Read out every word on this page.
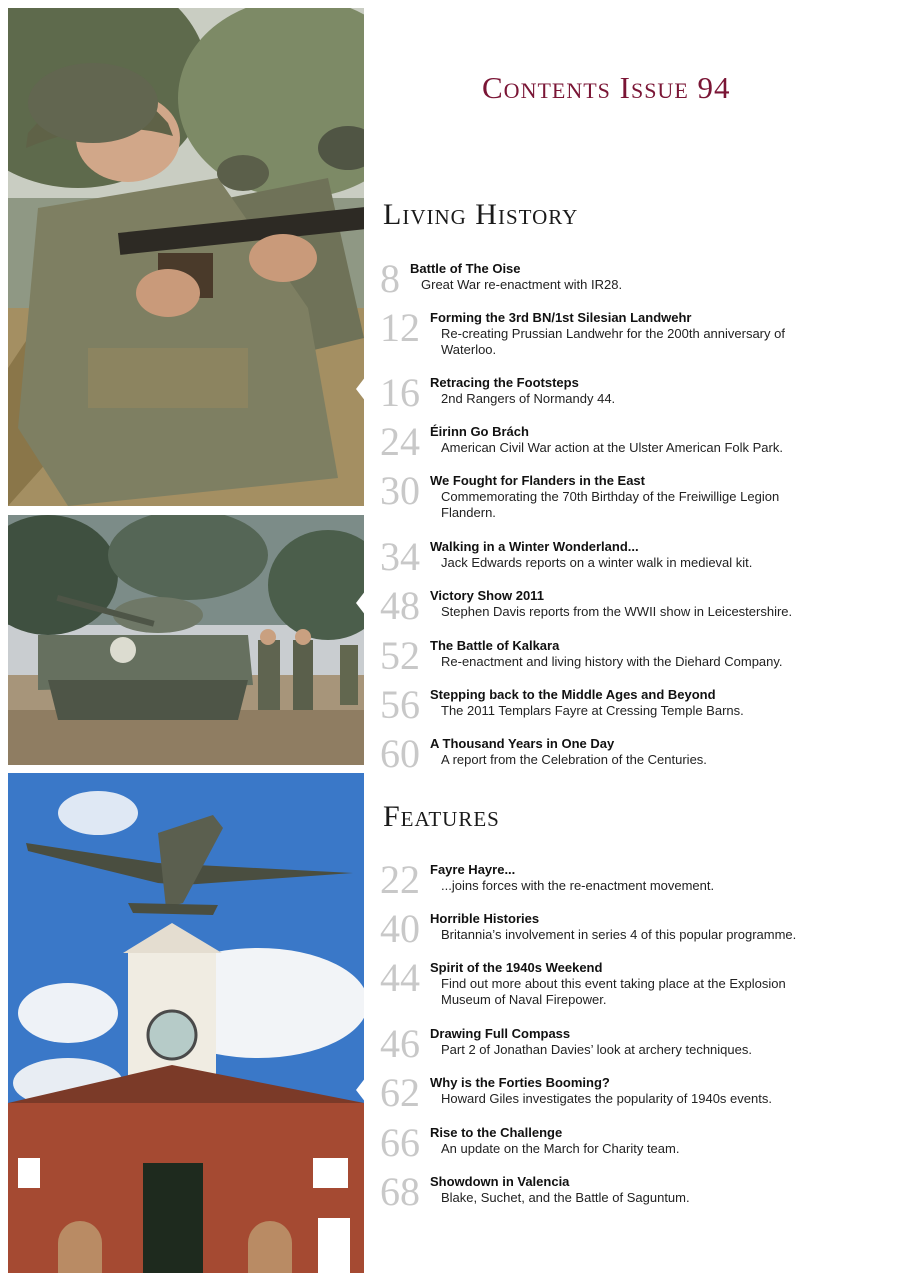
Contents Issue 94
Living History
Features
8 Battle of The Oise
Great War re-enactment with IR28.
12 Forming the 3rd BN/1st Silesian Landwehr
Re-creating Prussian Landwehr for the 200th anniversary of Waterloo.
16 Retracing the Footsteps
2nd Rangers of Normandy 44.
24 Éirinn Go Brách
American Civil War action at the Ulster American Folk Park.
30 We Fought for Flanders in the East
Commemorating the 70th Birthday of the Freiwillige Legion Flandern.
34 Walking in a Winter Wonderland...
Jack Edwards reports on a winter walk in medieval kit.
48 Victory Show 2011
Stephen Davis reports from the WWII show in Leicestershire.
52 The Battle of Kalkara
Re-enactment and living history with the Diehard Company.
56 Stepping back to the Middle Ages and Beyond
The 2011 Templars Fayre at Cressing Temple Barns.
60 A Thousand Years in One Day
A report from the Celebration of the Centuries.
22 Fayre Hayre...
...joins forces with the re-enactment movement.
40 Horrible Histories
Britannia’s involvement in series 4 of this popular programme.
44 Spirit of the 1940s Weekend
Find out more about this event taking place at the Explosion Museum of Naval Firepower.
46 Drawing Full Compass
Part 2 of Jonathan Davies’ look at archery techniques.
62 Why is the Forties Booming?
Howard Giles investigates the popularity of 1940s events.
66 Rise to the Challenge
An update on the March for Charity team.
68 Showdown in Valencia
Blake, Suchet, and the Battle of Saguntum.
